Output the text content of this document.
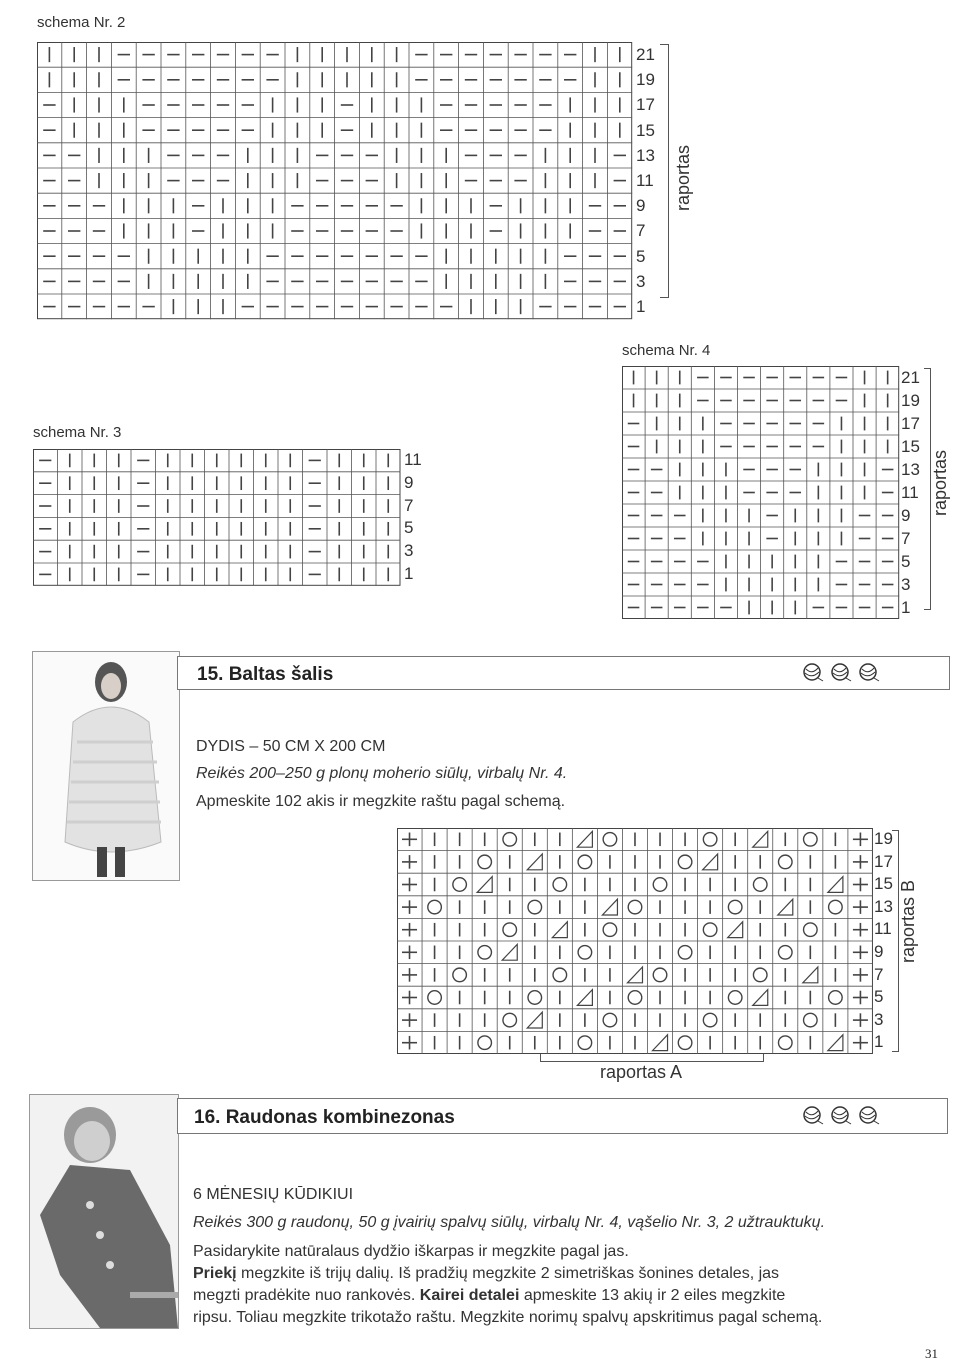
schema Nr. 2
21
19
17
15
13
11
9
7
5
3
1
raportas
schema Nr. 4
21
19
17
15
13
11
9
7
5
3
1
raportas
schema Nr. 3
11
9
7
5
3
1
15. Baltas šalis
DYDIS – 50 CM X 200 CM
Reikės 200–250 g plonų moherio siūlų, virbalų Nr. 4.
Apmeskite 102 akis ir megzkite raštu pagal schemą.
19
17
15
13
11
9
7
5
3
1
raportas B
raportas A
16. Raudonas kombinezonas
6 MĖNESIŲ KŪDIKIUI
Reikės 300 g raudonų, 50 g įvairių spalvų siūlų, virbalų Nr. 4, vąšelio Nr. 3, 2 užtrauktukų.
Pasidarykite natūralaus dydžio iškarpas ir megzkite pagal jas.
Priekį megzkite iš trijų dalių. Iš pradžių megzkite 2 simetriškas šonines detales, jas
megzti pradėkite nuo rankovės. Kairei detalei apmeskite 13 akių ir 2 eiles megzkite
ripsu. Toliau megzkite trikotažo raštu. Megzkite norimų spalvų apskritimus pagal schemą.
31
